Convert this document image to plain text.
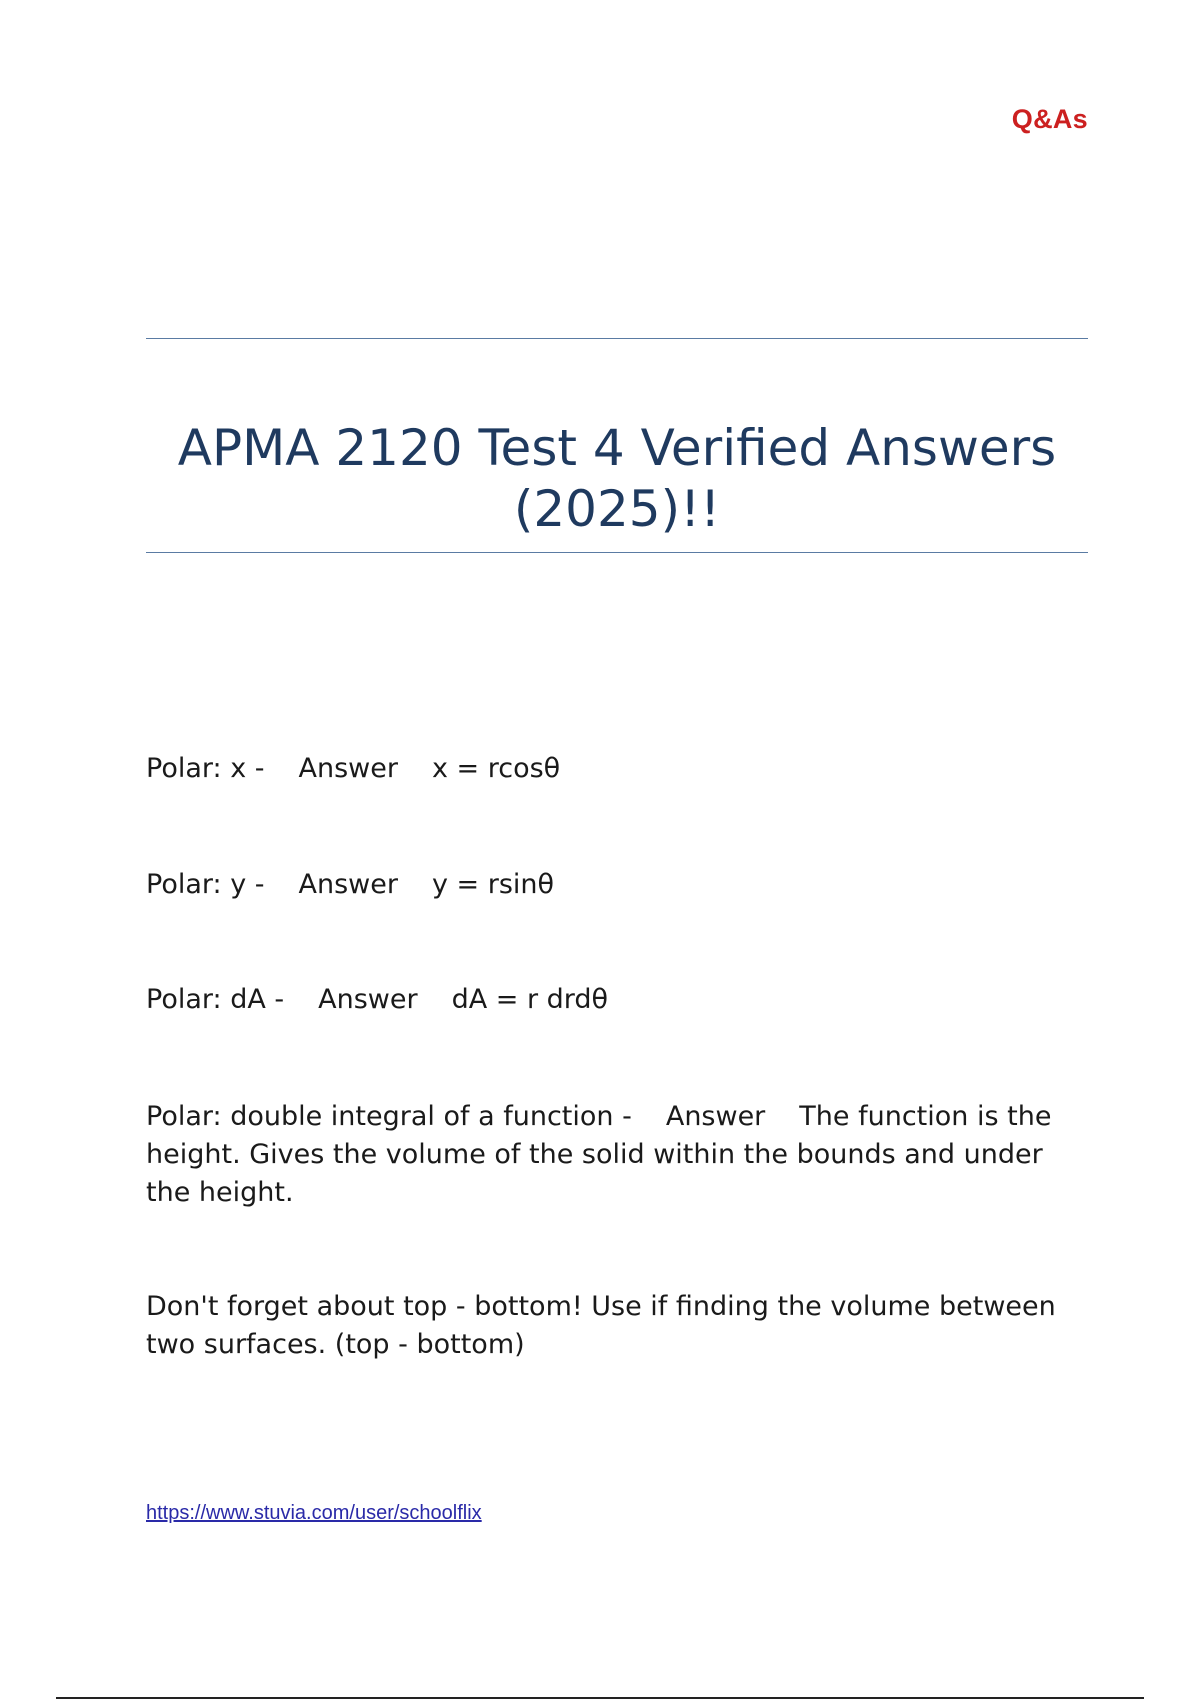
Q&As
APMA 2120 Test 4 Verified Answers (2025)!!

Polar: x - Answer x = rcosθ

Polar: y - Answer y = rsinθ

Polar: dA - Answer dA = r drdθ

Polar: double integral of a function - Answer The function is the height. Gives the volume of the solid within the bounds and under the height.

Don't forget about top - bottom! Use if finding the volume between two surfaces. (top - bottom)

https://www.stuvia.com/user/schoolflix
